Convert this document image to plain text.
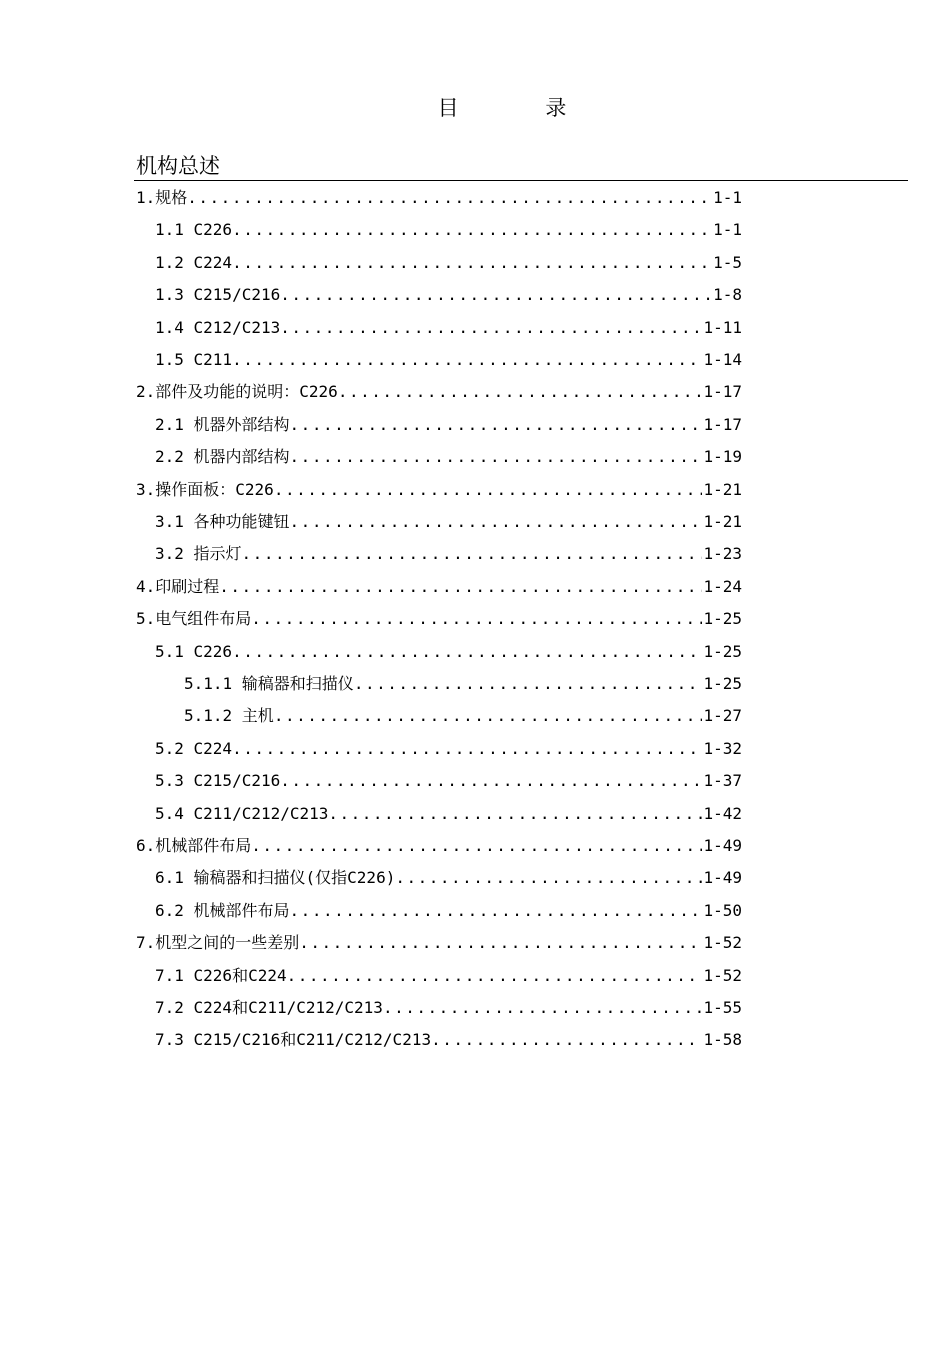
目 录
机构总述
1.规格 .....	1-1
1.1 C226 .....	1-1
1.2 C224 .....	1-5
1.3 C215/C216 .....	1-8
1.4 C212/C213 .....	1-11
1.5 C211 .....	1-14
2.部件及功能的说明：C226 .....	1-17
2.1 机器外部结构 .....	1-17
2.2 机器内部结构 .....	1-19
3.操作面板：C226 .....	1-21
3.1 各种功能键钮 .....	1-21
3.2 指示灯 .....	1-23
4.印刷过程 .....	1-24
5.电气组件布局 .....	1-25
5.1 C226 .....	1-25
5.1.1 输稿器和扫描仪 .....	1-25
5.1.2 主机 .....	1-27
5.2 C224 .....	1-32
5.3 C215/C216 .....	1-37
5.4 C211/C212/C213 .....	1-42
6.机械部件布局 .....	1-49
6.1 输稿器和扫描仪(仅指C226) .....	1-49
6.2 机械部件布局 .....	1-50
7.机型之间的一些差别 .....	1-52
7.1 C226和C224 .....	1-52
7.2 C224和C211/C212/C213 .....	1-55
7.3 C215/C216和C211/C212/C213 .....	1-58
